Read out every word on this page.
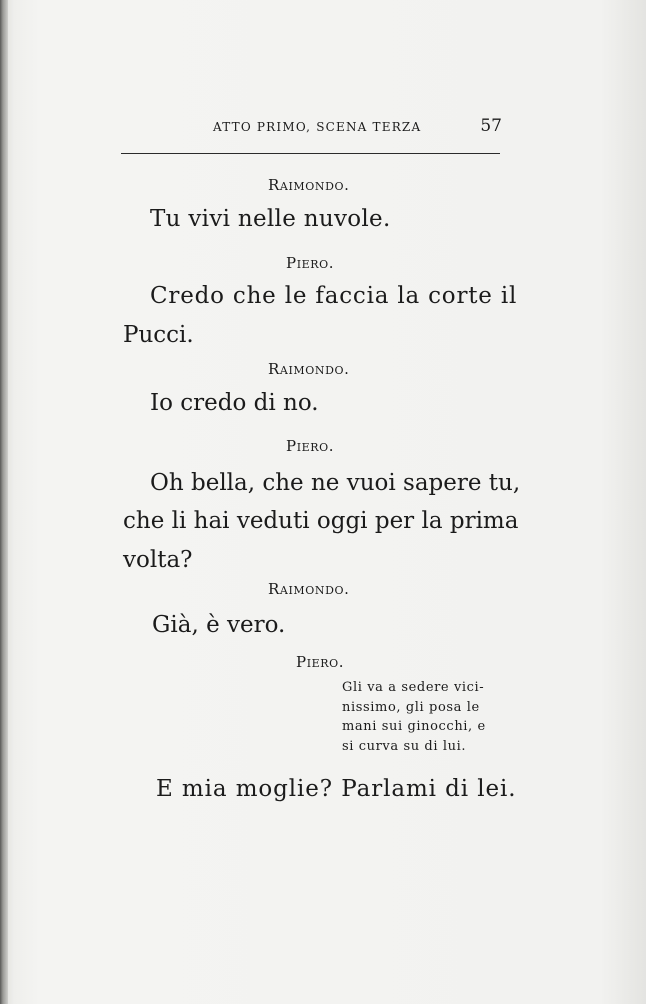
ATTO PRIMO, SCENA TERZA	57
Raimondo.
Tu vivi nelle nuvole.
Piero.
Credo che le faccia la corte il
Pucci.
Raimondo.
Io credo di no.
Piero.
Oh bella, che ne vuoi sapere tu,
che li hai veduti oggi per la prima
volta?
Raimondo.
Già, è vero.
Piero.
Gli va a sedere vici-
nissimo, gli posa le
mani sui ginocchi, e
si curva su di lui.
E mia moglie? Parlami di lei.
